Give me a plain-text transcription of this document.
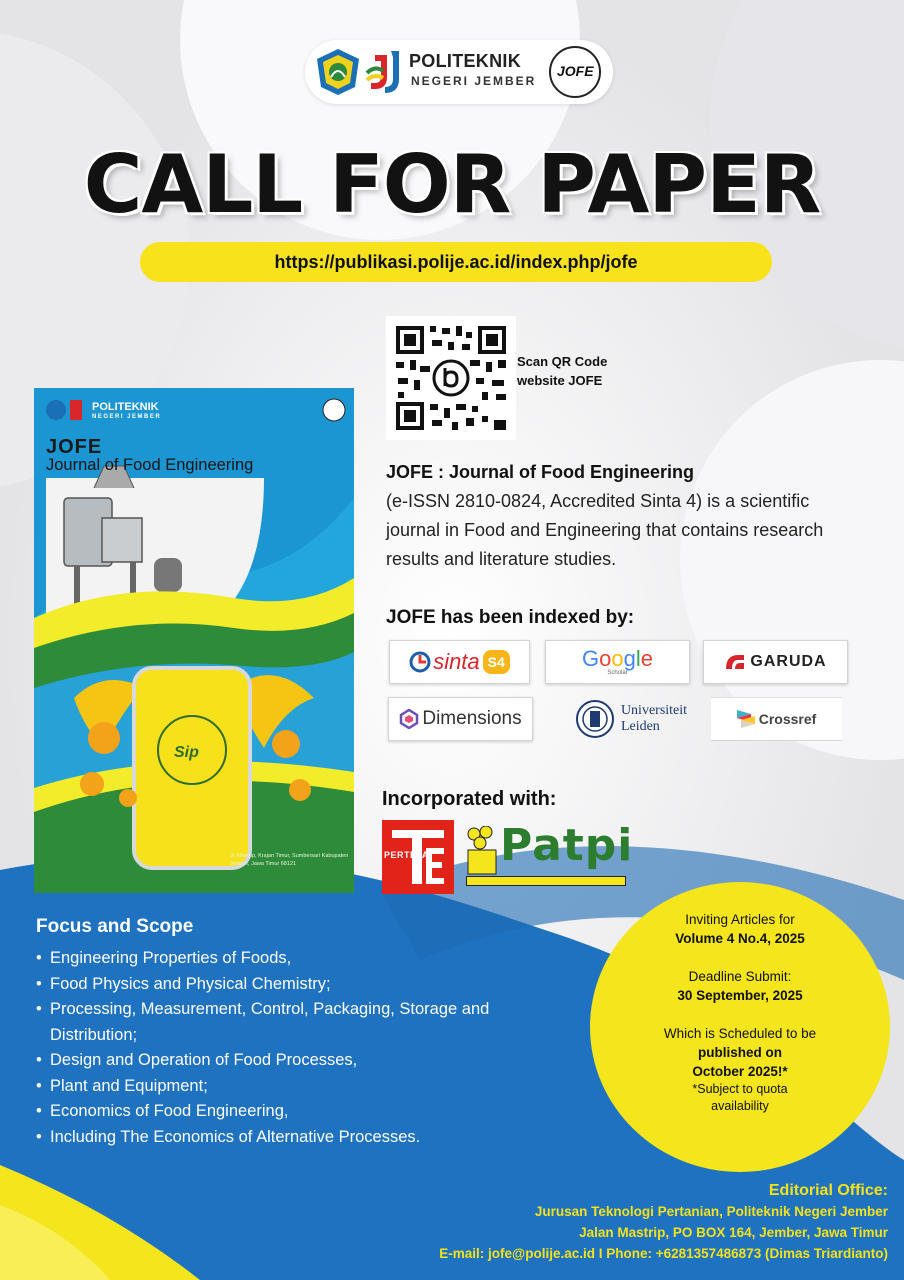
POLITEKNIK
NEGERI JEMBER
JOFE
CALL FOR PAPER
https://publikasi.polije.ac.id/index.php/jofe
Scan QR Code
website JOFE
JOFE : Journal of Food Engineering
(e-ISSN 2810-0824, Accredited Sinta 4) is a scientific journal in Food and Engineering that contains research results and literature studies.
JOFE has been indexed by:
sinta S4	Google
Scholar
GARUDA
Dimensions	Universiteit
Leiden	Crossref
Incorporated with:
PERTETA Patpi
POLITEKNIK
NEGERI JEMBER
JOFE
Journal of Food Engineering
Sip
Jl. Mastrip, Krajan Timur, Sumbersari Kabupaten Jember, Jawa Timur 68121
Focus and Scope
• Engineering Properties of Foods,
• Food Physics and Physical Chemistry;
• Processing, Measurement, Control, Packaging, Storage and Distribution;
• Design and Operation of Food Processes,
• Plant and Equipment;
• Economics of Food Engineering,
• Including The Economics of Alternative Processes.
Inviting Articles for
Volume 4 No.4, 2025
Deadline Submit:
30 September, 2025
Which is Scheduled to be
published on
October 2025!*
*Subject to quota
availability
Editorial Office:
Jurusan Teknologi Pertanian, Politeknik Negeri Jember
Jalan Mastrip, PO BOX 164, Jember, Jawa Timur
E-mail: jofe@polije.ac.id I Phone: +6281357486873 (Dimas Triardianto)
